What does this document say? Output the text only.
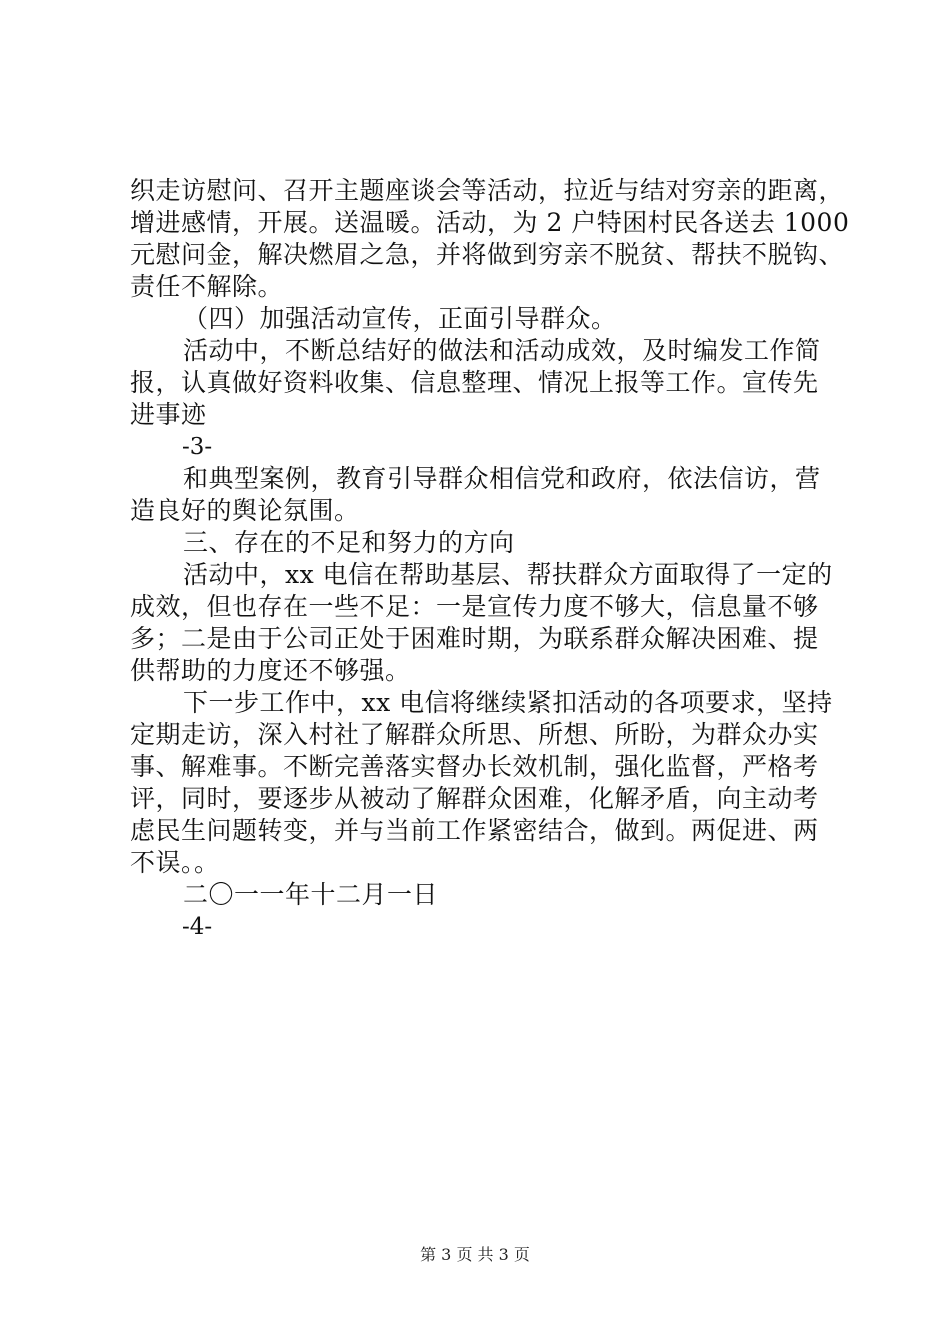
织走访慰问、召开主题座谈会等活动，拉近与结对穷亲的距离，
增进感情，开展。送温暖。活动，为 2 户特困村民各送去 1000
元慰问金，解决燃眉之急，并将做到穷亲不脱贫、帮扶不脱钩、
责任不解除。
（四）加强活动宣传，正面引导群众。
活动中，不断总结好的做法和活动成效，及时编发工作简
报，认真做好资料收集、信息整理、情况上报等工作。宣传先
进事迹
-3-
和典型案例，教育引导群众相信党和政府，依法信访，营
造良好的舆论氛围。
三、存在的不足和努力的方向
活动中，xx 电信在帮助基层、帮扶群众方面取得了一定的
成效，但也存在一些不足：一是宣传力度不够大，信息量不够
多；二是由于公司正处于困难时期，为联系群众解决困难、提
供帮助的力度还不够强。
下一步工作中，xx 电信将继续紧扣活动的各项要求，坚持
定期走访，深入村社了解群众所思、所想、所盼，为群众办实
事、解难事。不断完善落实督办长效机制，强化监督，严格考
评，同时，要逐步从被动了解群众困难，化解矛盾，向主动考
虑民生问题转变，并与当前工作紧密结合，做到。两促进、两
不误。。
二〇一一年十二月一日
-4-
第 3 页 共 3 页
